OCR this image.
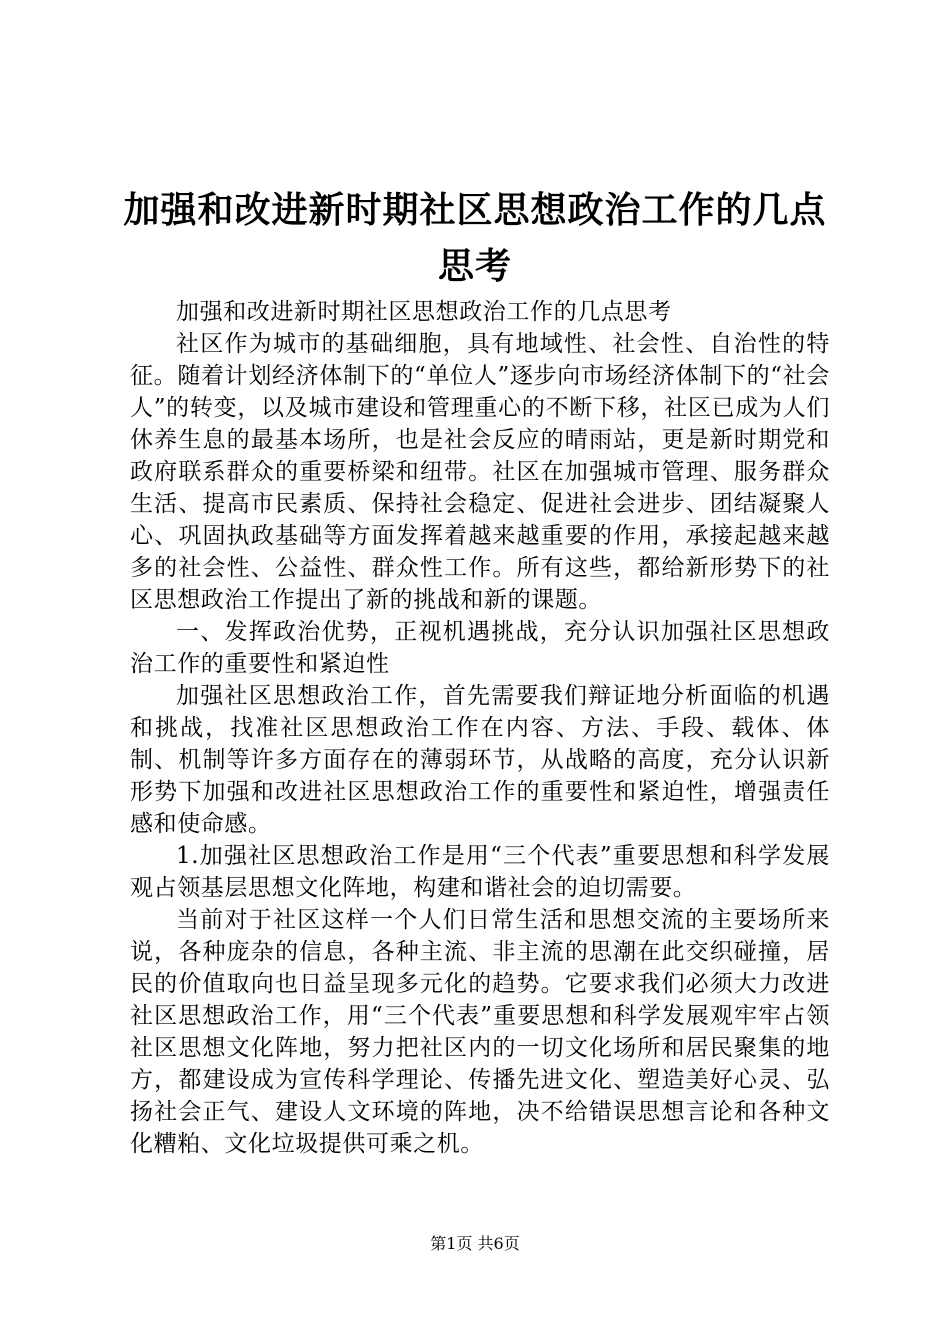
加强和改进新时期社区思想政治工作的几点思考

加强和改进新时期社区思想政治工作的几点思考

社区作为城市的基础细胞，具有地域性、社会性、自治性的特征。随着计划经济体制下的“单位人”逐步向市场经济体制下的“社会人”的转变，以及城市建设和管理重心的不断下移，社区已成为人们休养生息的最基本场所，也是社会反应的晴雨站，更是新时期党和政府联系群众的重要桥梁和纽带。社区在加强城市管理、服务群众生活、提高市民素质、保持社会稳定、促进社会进步、团结凝聚人心、巩固执政基础等方面发挥着越来越重要的作用，承接起越来越多的社会性、公益性、群众性工作。所有这些，都给新形势下的社区思想政治工作提出了新的挑战和新的课题。

一、发挥政治优势，正视机遇挑战，充分认识加强社区思想政治工作的重要性和紧迫性

加强社区思想政治工作，首先需要我们辩证地分析面临的机遇和挑战，找准社区思想政治工作在内容、方法、手段、载体、体制、机制等许多方面存在的薄弱环节，从战略的高度，充分认识新形势下加强和改进社区思想政治工作的重要性和紧迫性，增强责任感和使命感。

1.加强社区思想政治工作是用“三个代表”重要思想和科学发展观占领基层思想文化阵地，构建和谐社会的迫切需要。

当前对于社区这样一个人们日常生活和思想交流的主要场所来说，各种庞杂的信息，各种主流、非主流的思潮在此交织碰撞，居民的价值取向也日益呈现多元化的趋势。它要求我们必须大力改进社区思想政治工作，用“三个代表”重要思想和科学发展观牢牢占领社区思想文化阵地，努力把社区内的一切文化场所和居民聚集的地方，都建设成为宣传科学理论、传播先进文化、塑造美好心灵、弘扬社会正气、建设人文环境的阵地，决不给错误思想言论和各种文化糟粕、文化垃圾提供可乘之机。

第1页 共6页
